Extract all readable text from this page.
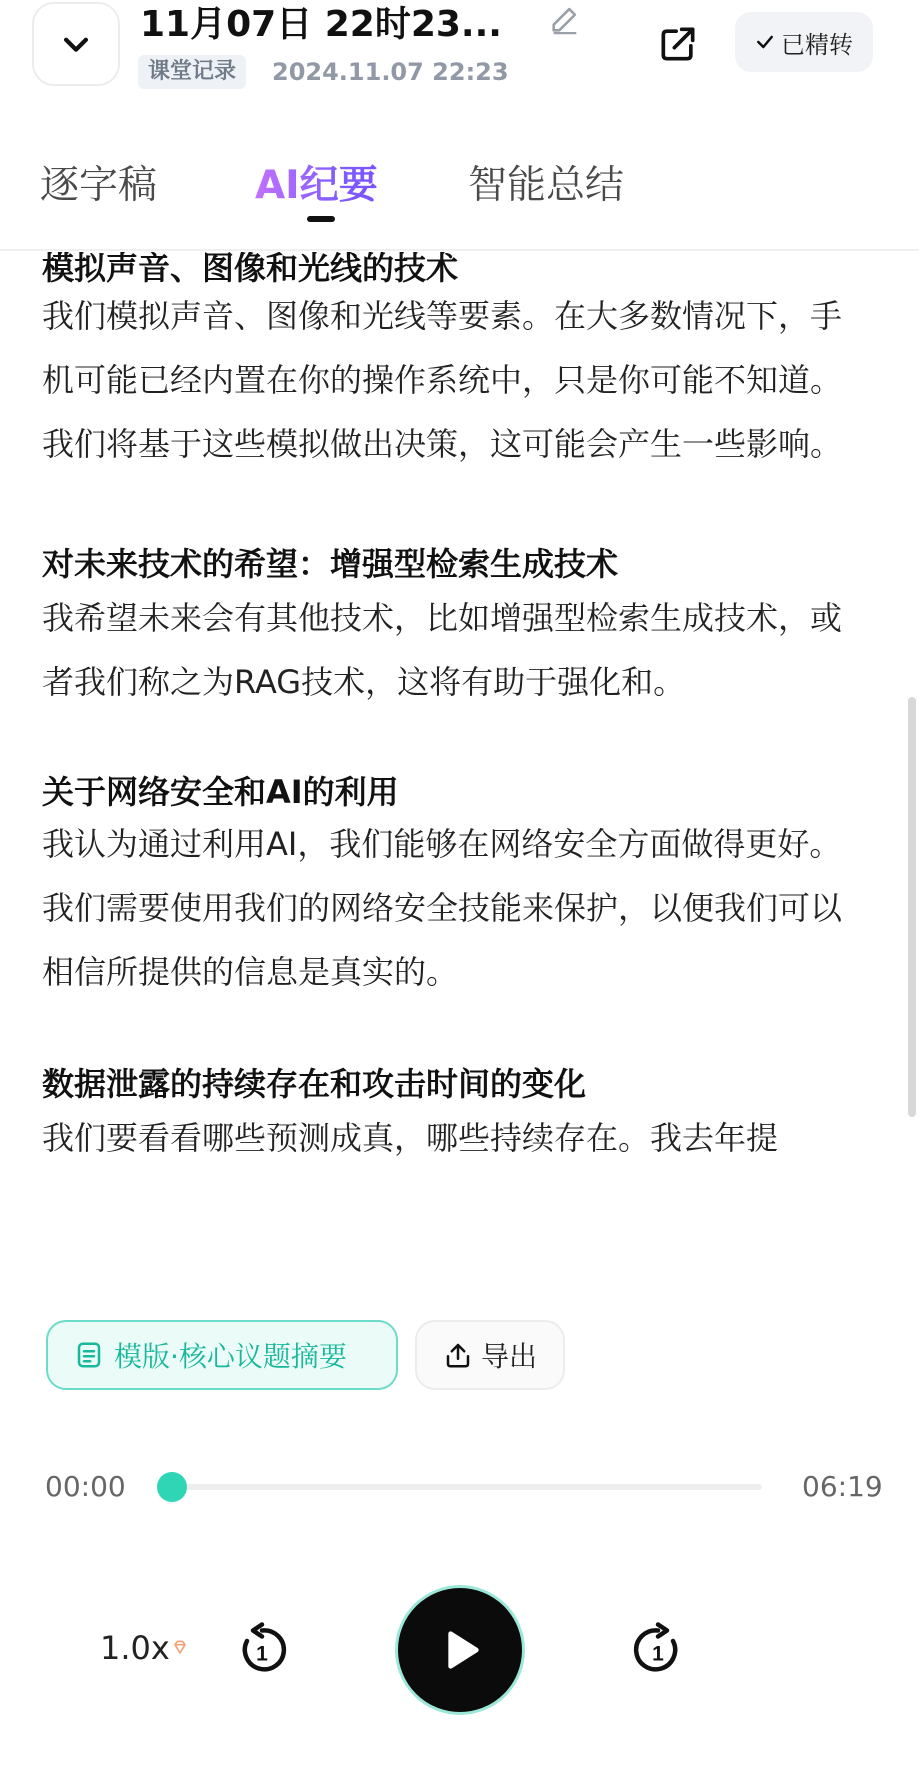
11月07日 22时23...
课堂记录	2024.11.07 22:23
已精转
逐字稿	AI纪要 智能总结
模拟声音、图像和光线的技术
我们模拟声音、图像和光线等要素。在大多数情况下，手机可能已经内置在你的操作系统中，只是你可能不知道。我们将基于这些模拟做出决策，这可能会产生一些影响。
对未来技术的希望：增强型检索生成技术
我希望未来会有其他技术，比如增强型检索生成技术，或者我们称之为RAG技术，这将有助于强化和。
关于网络安全和AI的利用
我认为通过利用AI，我们能够在网络安全方面做得更好。我们需要使用我们的网络安全技能来保护，以便我们可以相信所提供的信息是真实的。
数据泄露的持续存在和攻击时间的变化
我们要看看哪些预测成真，哪些持续存在。我去年提
模版·核心议题摘要	导出
00:00	06:19
1.0x	1	1
